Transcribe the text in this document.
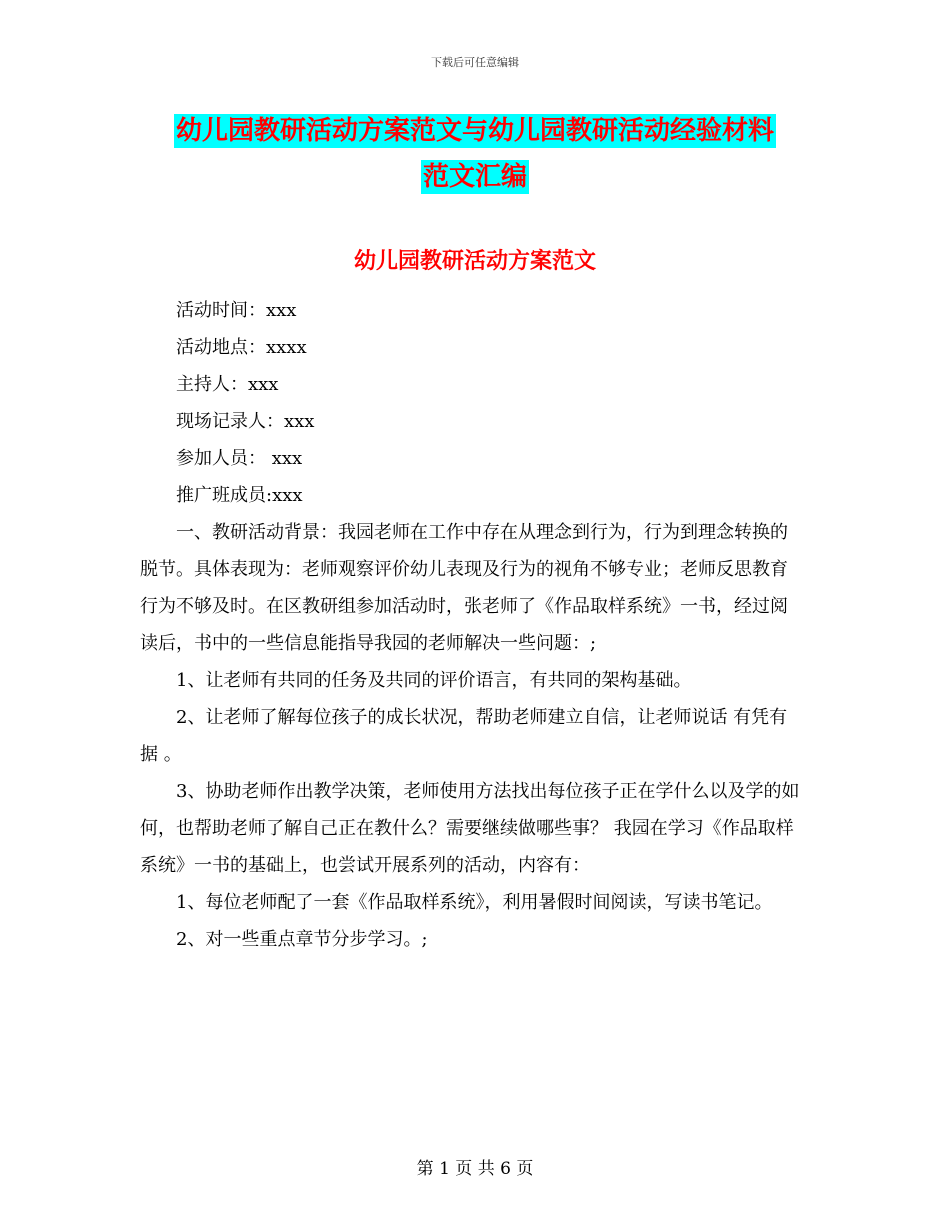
下载后可任意编辑
幼儿园教研活动方案范文与幼儿园教研活动经验材料
范文汇编
幼儿园教研活动方案范文

活动时间：xxx

活动地点：xxxx

主持人：xxx

现场记录人：xxx

参加人员： xxx

推广班成员:xxx

一、教研活动背景：我园老师在工作中存在从理念到行为，行为到理念转换的脱节。具体表现为：老师观察评价幼儿表现及行为的视角不够专业；老师反思教育行为不够及时。在区教研组参加活动时，张老师了《作品取样系统》一书，经过阅读后，书中的一些信息能指导我园的老师解决一些问题：;

1、让老师有共同的任务及共同的评价语言，有共同的架构基础。

2、让老师了解每位孩子的成长状况，帮助老师建立自信，让老师说话 有凭有据 。

3、协助老师作出教学决策，老师使用方法找出每位孩子正在学什么以及学的如何，也帮助老师了解自己正在教什么？需要继续做哪些事？ 我园在学习《作品取样系统》一书的基础上，也尝试开展系列的活动，内容有：

1、每位老师配了一套《作品取样系统》，利用暑假时间阅读，写读书笔记。

2、对一些重点章节分步学习。;

第 1 页 共 6 页
